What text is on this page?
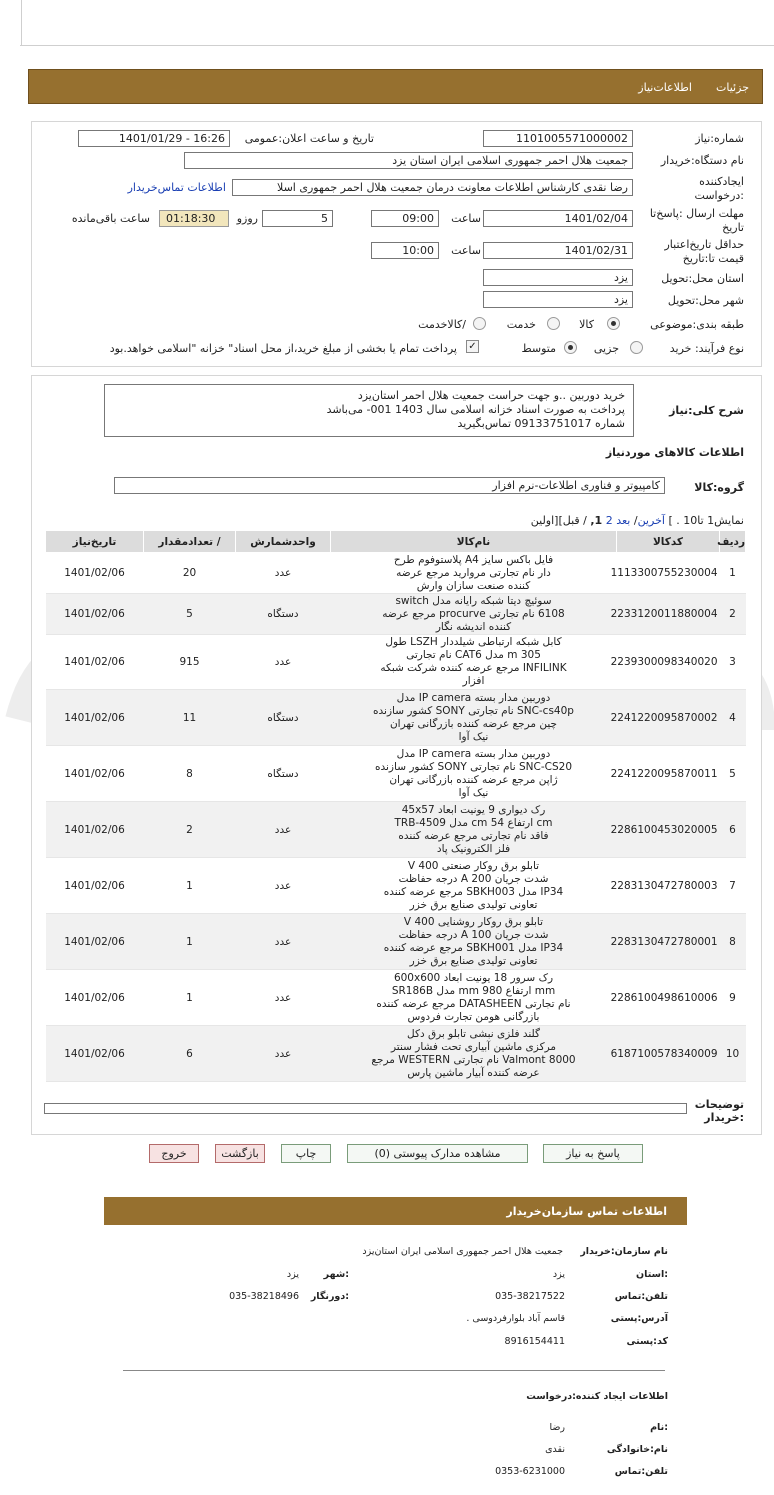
جزئیات
اطلاعات‌نیاز
شماره‌:نیاز
1101005571000002
تاریخ و ساعت اعلان‌:عمومی
1401/01/29 - 16:26
نام دستگاه‌:خریدار
جمعیت هلال احمر جمهوری اسلامی ایران استان یزد
ایجادکننده
:درخواست
رضا نقدی کارشناس اطلاعات معاونت درمان جمعیت هلال احمر جمهوری اسلا
اطلاعات تماس‌خریدار
مهلت ارسال :پاسخ‌تا
تاریخ
1401/02/04
ساعت
09:00
5
روزو
01:18:30
ساعت باقی‌مانده
حداقل تاریخ‌اعتبار
قیمت تا:تاریخ
1401/02/31
ساعت
10:00
استان محل:تحویل
یزد
شهر محل:تحویل
یزد
طبقه بندی:موضوعی
کالا
خدمت
/کالاخدمت
نوع فرآیند: خرید
جزیی
متوسط
✓
پرداخت تمام یا بخشی از مبلغ خرید،از محل اسناد" خزانه "اسلامی خواهد.بود
شرح کلی:نیاز
خرید دوربین ..و جهت حراست جمعیت هلال احمر استان‌یزد
پرداخت به صورت اسناد خزانه اسلامی سال 1403 001- می‌باشد
شماره 09133751017 تماس‌بگیرید
اطلاعات کالاهای موردنیاز
گروه:کالا
کامپیوتر و فناوری اطلاعات-نرم افزار
نمایش1 تا10 . ] آخرین/ بعد 2 1, / قبل][اولین
ردیف	کدکالا	نام‌کالا	واحدشمارش	/ تعدادمقدار	تاریخ‌نیاز
1	1113300755230004	فایل باکس سایز A4 پلاستوفوم طرح
دار نام تجارتی مرواريد مرجع عرضه
کننده صنعت سازان وارش	عدد	20	1401/02/06
2	2233120011880004	سوئیچ دیتا شبکه رایانه مدل switch
6108 نام تجارتی procurve مرجع عرضه
کننده اندیشه نگار	دستگاه	5	1401/02/06
3	2239300098340020	کابل شبکه ارتباطی شیلددار LSZH طول
305 m مدل CAT6 نام تجارتی
INFILINK مرجع عرضه کننده شرکت شبکه
افزار	عدد	915	1401/02/06
4	2241220095870002	دوربین مدار بسته IP camera مدل
SNC-cs40p نام تجارتی SONY کشور سازنده
چین مرجع عرضه کننده بازرگانی تهران
نیک آوا	دستگاه	11	1401/02/06
5	2241220095870011	دوربین مدار بسته IP camera مدل
SNC-CS20 نام تجارتی SONY کشور سازنده
ژاپن مرجع عرضه کننده بازرگانی تهران
نیک آوا	دستگاه	8	1401/02/06
6	2286100453020005	رک دیواری 9 یونیت ابعاد 45x57
cm ارتفاع 54 cm مدل TRB-4509
فاقد نام تجارتی مرجع عرضه کننده
فلز الکترونیک پاد	عدد	2	1401/02/06
7	2283130472780003	تابلو برق روکار صنعتی 400 V
شدت جریان 200 A درجه حفاظت
IP34 مدل SBKH003 مرجع عرضه کننده
تعاونی تولیدی صنایع برق خزر	عدد	1	1401/02/06
8	2283130472780001	تابلو برق روکار روشنایی 400 V
شدت جریان 100 A درجه حفاظت
IP34 مدل SBKH001 مرجع عرضه کننده
تعاونی تولیدی صنایع برق خزر	عدد	1	1401/02/06
9	2286100498610006	رک سرور 18 یونیت ابعاد 600x600
mm ارتفاع 980 mm مدل SR186B
نام تجارتی DATASHEEN مرجع عرضه کننده
بازرگانی هومن تجارت فردوس	عدد	1	1401/02/06
10	6187100578340009	گلند فلزی نبشی تابلو برق دکل
مرکزی ماشین آبیاری تحت فشار سنتر
Valmont 8000 نام تجارتی WESTERN مرجع
عرضه کننده آبیار ماشین پارس	عدد	6	1401/02/06
توضیحات
:خریدار
پاسخ به نیاز
مشاهده مدارک پیوستی (0)
چاپ
بازگشت
خروج
اطلاعات تماس سازمان‌خریدار
نام سازمان:خریدار
جمعیت هلال احمر جمهوری اسلامی ایران استان‌یزد
:استان
یزد
:شهر
یزد
تلفن:تماس
035-38217522
:دورنگار
035-38218496
آدرس:پستی
قاسم آباد بلوار‌فردوسی .
کد:پستی
8916154411
اطلاعات ایجاد کننده:درخواست
:نام
رضا
نام:خانوادگی
نقدی
تلفن:تماس
0353-6231000
